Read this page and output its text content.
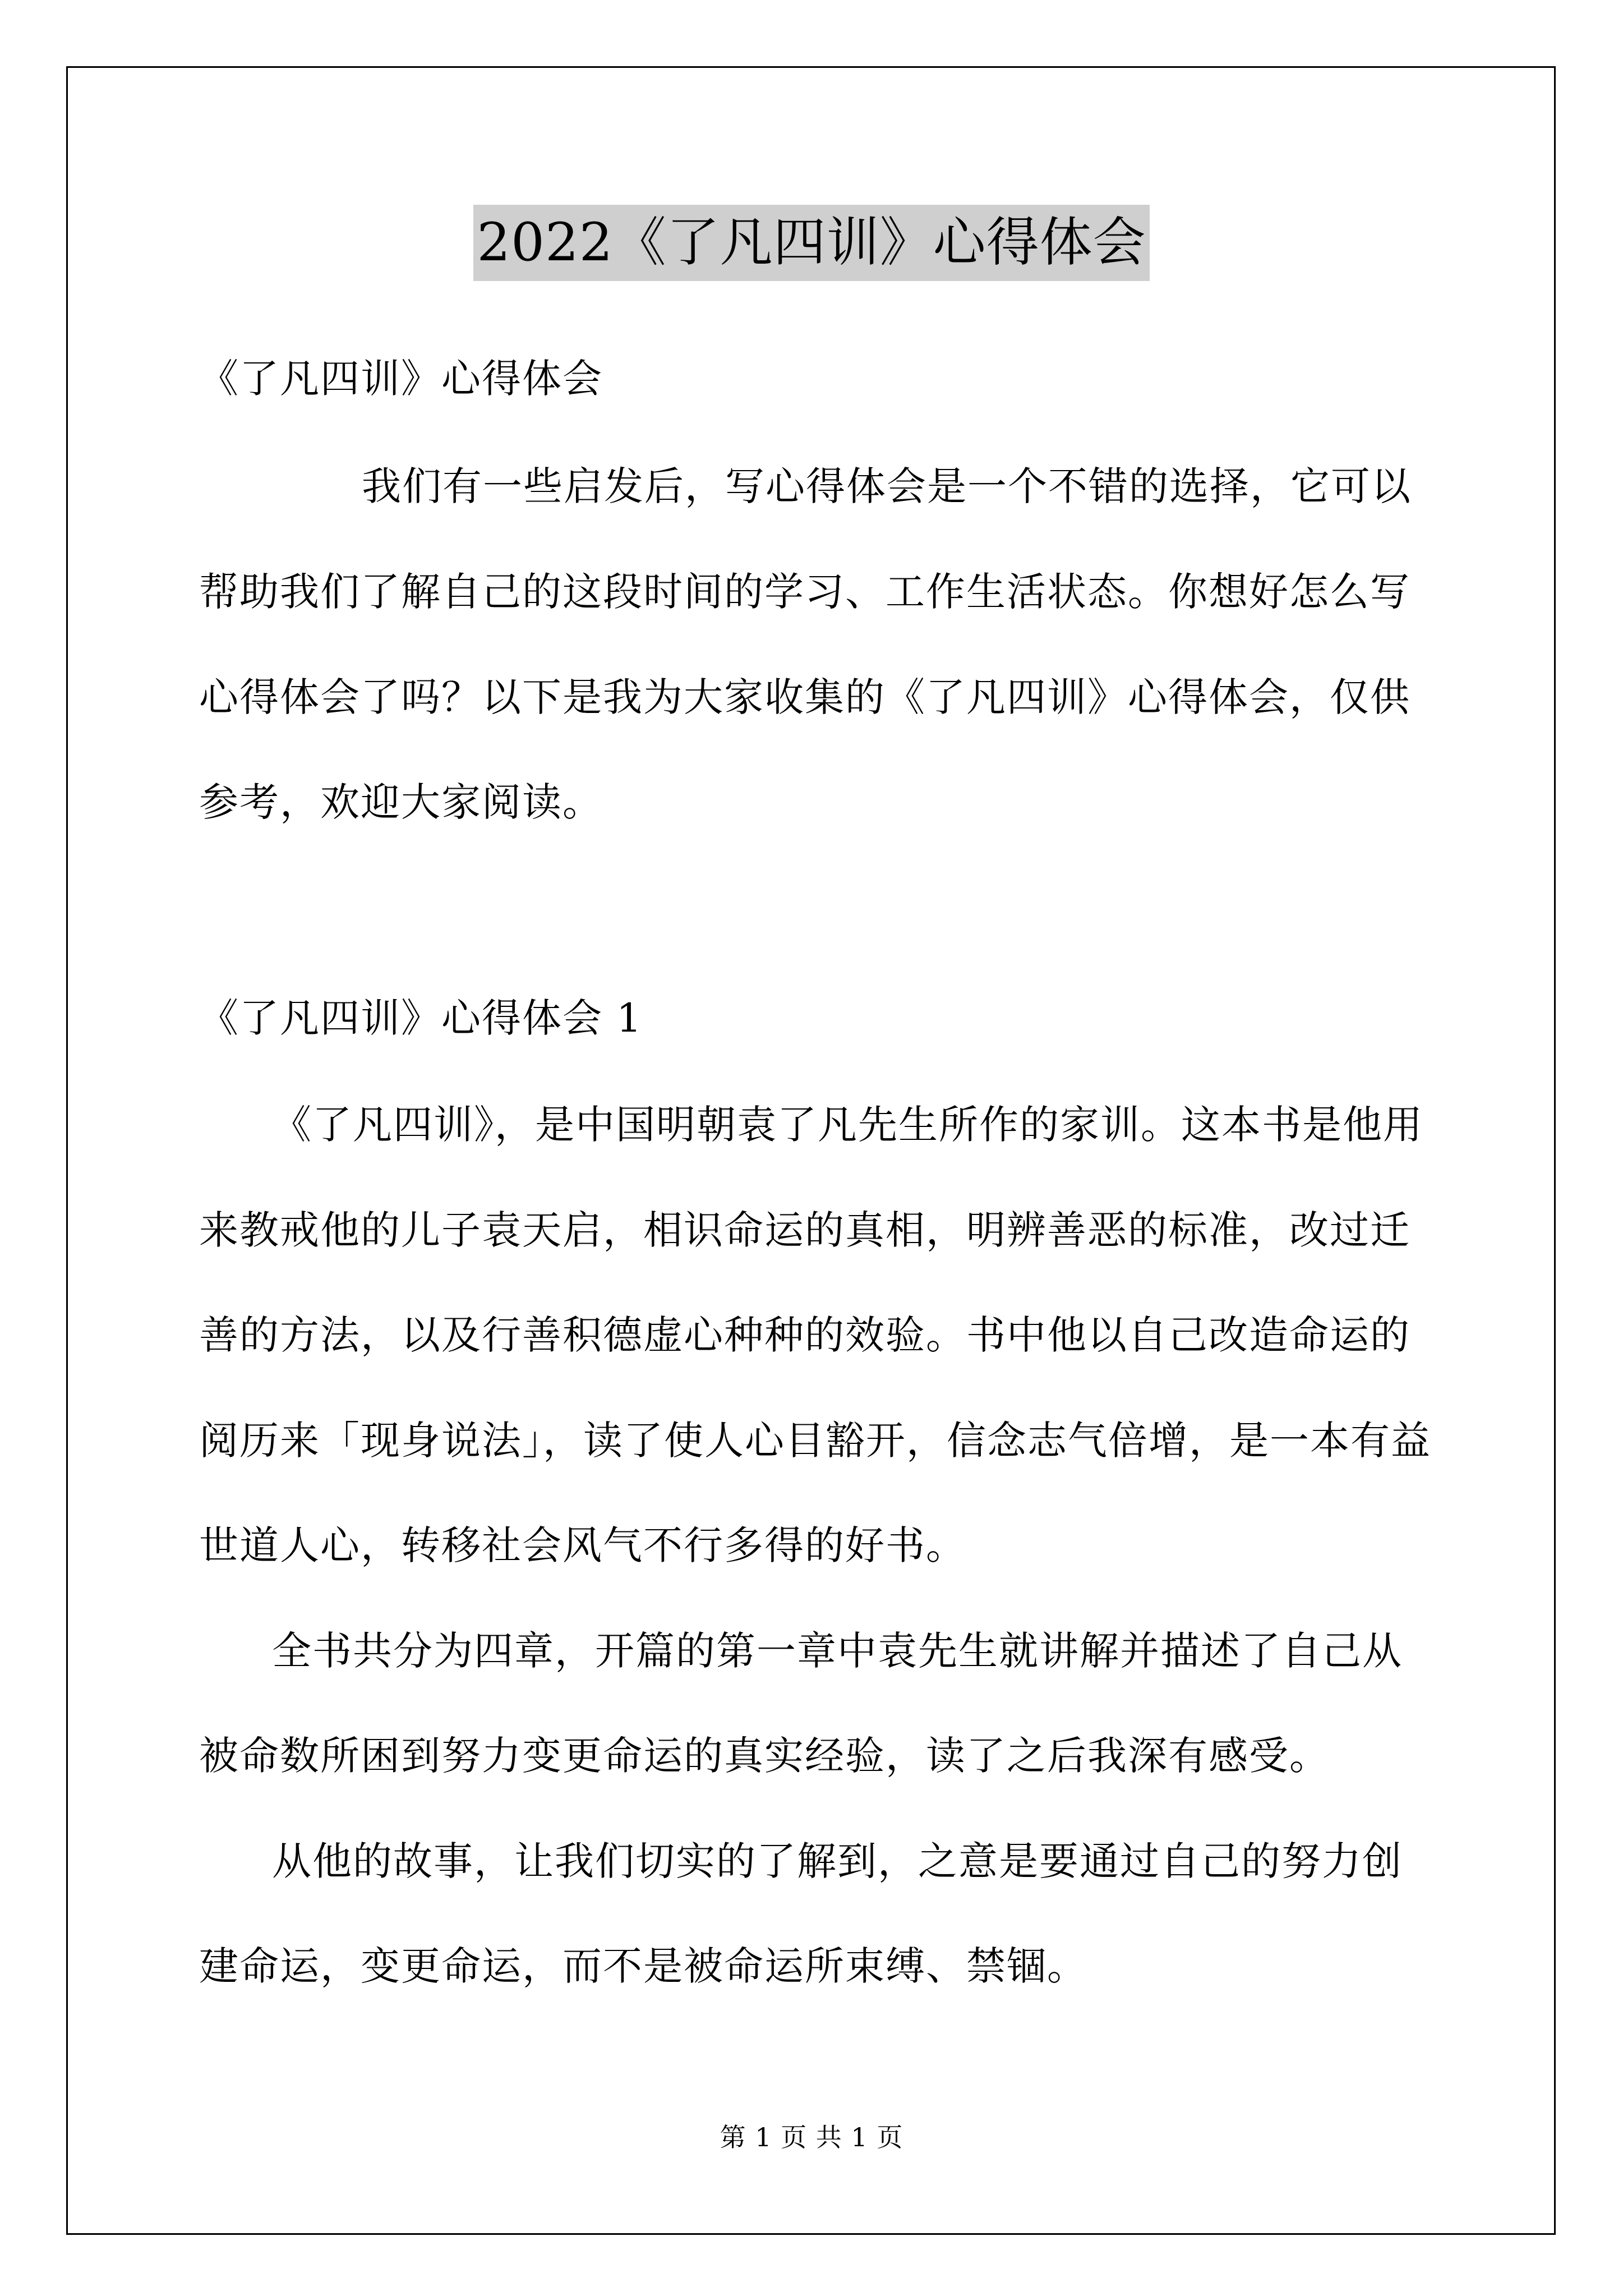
2022《了凡四训》心得体会
《了凡四训》心得体会
我们有一些启发后，写心得体会是一个不错的选择，它可以
帮助我们了解自己的这段时间的学习、工作生活状态。你想好怎么写
心得体会了吗？以下是我为大家收集的《了凡四训》心得体会，仅供
参考，欢迎大家阅读。
《了凡四训》心得体会 1
《了凡四训》，是中国明朝袁了凡先生所作的家训。这本书是他用
来教戒他的儿子袁天启，相识命运的真相，明辨善恶的标准，改过迁
善的方法，以及行善积德虚心种种的效验。书中他以自己改造命运的
阅历来「现身说法」，读了使人心目豁开，信念志气倍增，是一本有益
世道人心，转移社会风气不行多得的好书。
全书共分为四章，开篇的第一章中袁先生就讲解并描述了自己从
被命数所困到努力变更命运的真实经验，读了之后我深有感受。
从他的故事，让我们切实的了解到，之意是要通过自己的努力创
建命运，变更命运，而不是被命运所束缚、禁锢。
第 1 页 共 1 页
